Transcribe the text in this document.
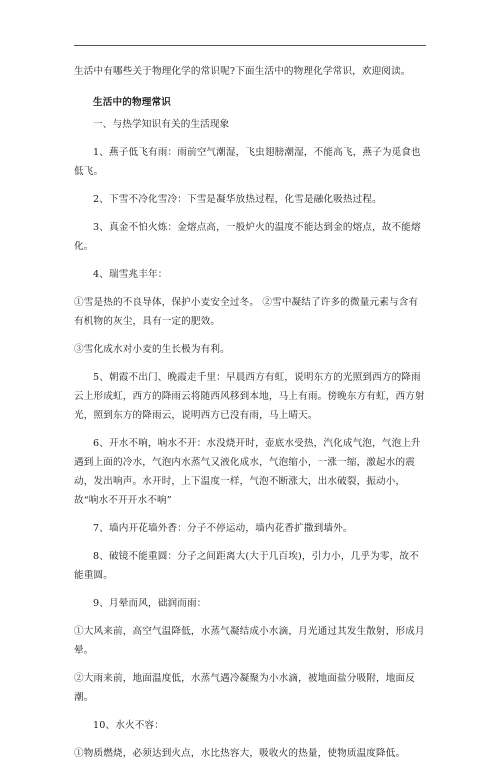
生活中有哪些关于物理化学的常识呢?下面生活中的物理化学常识，欢迎阅读。

生活中的物理常识

一、与热学知识有关的生活现象

1、燕子低飞有雨：雨前空气潮湿，飞虫翅膀潮湿，不能高飞，燕子为觅食也低飞。

2、下雪不冷化雪冷：下雪是凝华放热过程，化雪是融化吸热过程。

3、真金不怕火炼：金熔点高，一般炉火的温度不能达到金的熔点，故不能熔化。

4、瑞雪兆丰年：

①雪是热的不良导体，保护小麦安全过冬。 ②雪中凝结了许多的微量元素与含有有机物的灰尘，具有一定的肥效。

③雪化成水对小麦的生长极为有利。

5、朝霞不出门、晚霞走千里：早晨西方有虹，说明东方的光照到西方的降雨云上形成虹，西方的降雨云将随西风移到本地，马上有雨。傍晚东方有虹，西方射光，照到东方的降雨云，说明西方已没有雨，马上晴天。

6、开水不响，响水不开：水没烧开时，壶底水受热，汽化成气泡，气泡上升遇到上面的冷水，气泡内水蒸气又液化成水，气泡缩小，一涨一缩，激起水的震动，发出响声。水开时，上下温度一样，气泡不断涨大，出水破裂，振动小，故“响水不开开水不响”

7、墙内开花墙外香：分子不停运动，墙内花香扩撒到墙外。

8、破镜不能重圆：分子之间距离大(大于几百埃)，引力小，几乎为零，故不能重圆。

9、月晕而风，础润而雨：

①大风来前，高空气温降低，水蒸气凝结成小水滴，月光通过其发生散射，形成月晕。

②大雨来前，地面温度低，水蒸气遇冷凝聚为小水滴，被地面盐分吸附，地面反潮。

10、水火不容：

①物质燃烧，必须达到火点，水比热容大，吸收火的热量，使物质温度降低。
